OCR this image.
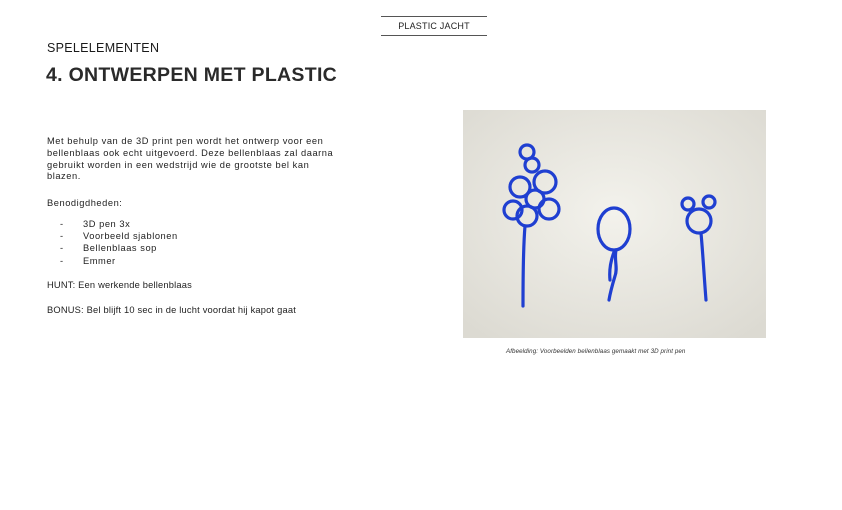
PLASTIC JACHT
SPELELEMENTEN
4. ONTWERPEN MET PLASTIC

Met behulp van de 3D print pen wordt het ontwerp voor een bellenblaas ook echt uitgevoerd. Deze bellenblaas zal daarna gebruikt worden in een wedstrijd wie de grootste bel kan blazen.

Benodigdheden:

- 3D pen 3x
- Voorbeeld sjablonen
- Bellenblaas sop
- Emmer

HUNT: Een werkende bellenblaas

BONUS: Bel blijft 10 sec in de lucht voordat hij kapot gaat

Afbeelding: Voorbeelden bellenblaas gemaakt met 3D print pen
